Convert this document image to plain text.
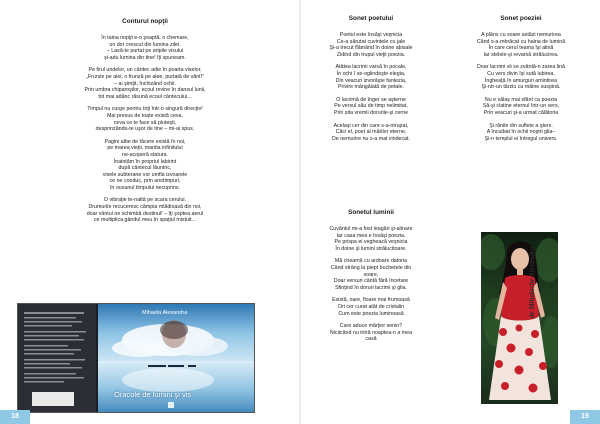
Conturul nopţii
În taina nopţii e-o şoaptă, o chemare,
un dor crescut din lumina zilei.
– Lasă-te purtat pe aripile visului
şi-adu lumina din tine! îţi spuneam.
Pe firul undelor, un cântec adie în poarta viselor.
„Frunze pe alei, o frunză pe alee, purtată de vânt!”
– ai şimţit, închizând ochii.
Prin umbra chiparoşilor, ecoul revine în dansul lunii,
tot mai adânc răsună ecoul cântecului...
Timpul nu curge pentru toţi într-o singură direcţie!
Mai presus de toate există ceva,
ceva ce te face să pluteşti,
desprinzându-te uşor de tine – mi-ai spus.
Pagini albe de tăcere există în noi,
pe marea vieţii, mantia infinitului
ne-acoperă statura.
Înaintăm în propriul labirint
după cântecul lăuntric,
visele subterane vor umfla izvoarele
ce ne conduc, prin anotimpuri,
în oceanul timpului necuprins.
O vibraţie te-naltă pe scara cerului.
Drumurile recuceresc câmpia mlădioasă din noi,
doar vântul ne schimbă destinul! – îţi şoptea aerul
ce multiplica gândul meu în spaţiul mistuit...
Mihaela Alexandra
Oracole de lumini şi vis
18
Sonet poetului
Poetul este însăşi veşnicia
Ce-a sărutat cuvintele cu jale
Şi-a trecut flămând în doine abisale
Zidind din trupul vieţii poezia.
Atâtea lacrimi varsă în pocale,
În ochi î se-oglindeşte elegia,
Din veacuri izvorăşte fantezia,
Privire mângâiată de petale.
O lacrimă de înger se aşterne
Pe versul său de timp nelimitat,
Prin sita vremii dorurile-şi cerne
Acelaşi cer din care s-a-ntrupat,
Căci el, poet al mărilor eterne,
De nemurire nu s-a mai vindecat.
Sonet poeziei
A plâns cu soare astăzi nemurirea
Când s-a-mbrăcat cu haina de lumină
În care cerul teama îşi alină
Iar stelele-şi revarsă strălucirea.
Doar lacrimi vii se zvântă-n zarea lină
Cu vers divin îşi sută iubirea,
Îngheaţă în amurguri amintirea
Şi-ntr-un târziu cu mâine suspină.
Nu e sălaş mai sfânt ca poezia
Să-şi clatine eternul într-un vers,
Prin veacuri şi-a urmat călătoria
Şi rănile din suflete a şters.
A încuibat în ochii noştri glia–
Şi-n templul ei întregul univers.
Sonetul luminii
Cuvântul mi-a fost leagăn şi-alinare
Iar casa mea e însăşi poezia,
Pe prispa ei veghează veşnicia
În doine şi lumini strălucitoare.
Mă cheamă cu ardoare datoria
Când strâng la piept buchetele din
soare,
Doar versuri cântă fără încetare
Sfinţind în doruri lacrimi şi glia.
Există, oare, floare mai frumoasă
Ori cer curat atât de cristalin
Cum este poezia luminoasă
Care aduce mărţior senin?
Niciicând nu intră noaptea-n a mea
casă
19
de Mihalache Alexandra
